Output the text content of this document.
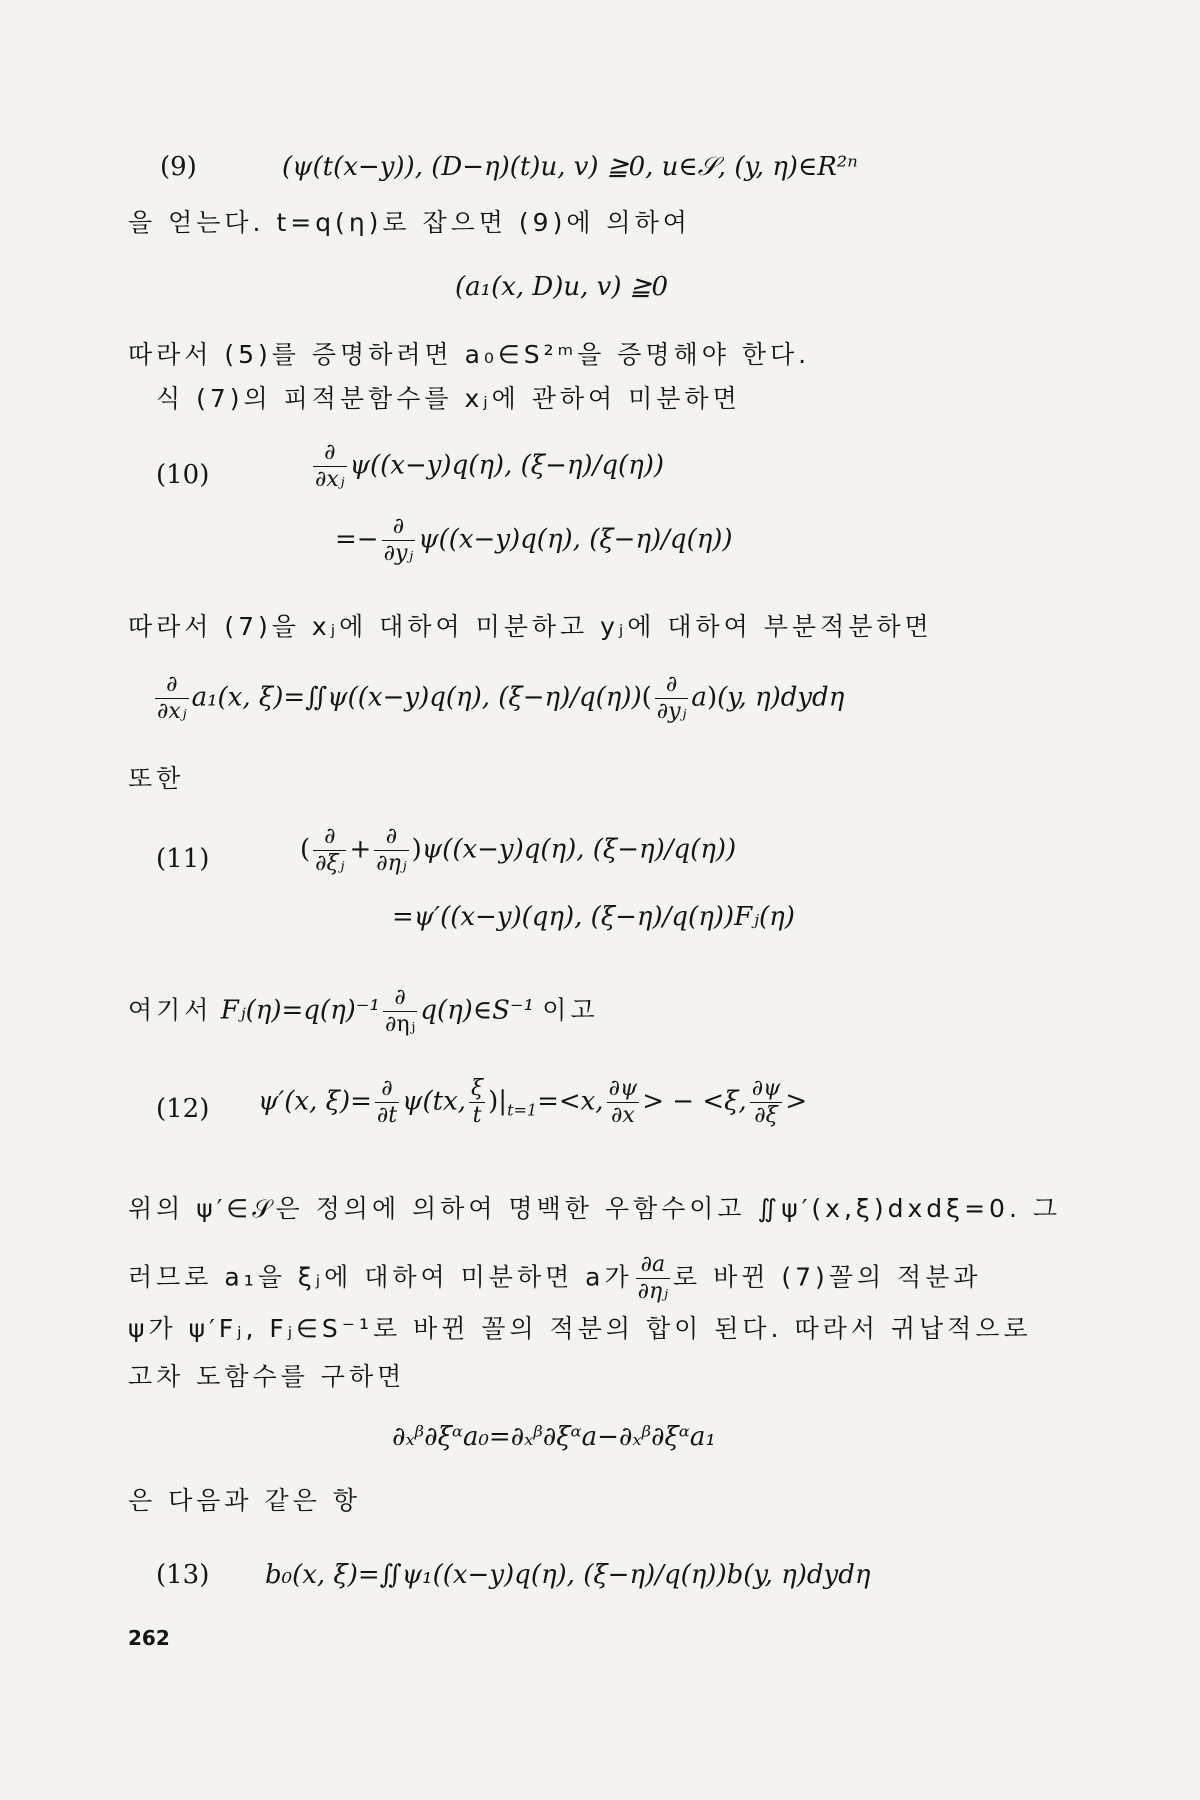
(9)	(ψ(t(x−y)), (D−η)(t)u, v) ≧0, u∈𝒮, (y, η)∈R²ⁿ
을 얻는다. t=q(η)로 잡으면 (9)에 의하여
(a₁(x, D)u, v) ≧0
따라서 (5)를 증명하려면 a₀∈S²ᵐ을 증명해야 한다.
식 (7)의 피적분함수를 xⱼ에 관하여 미분하면
(10)	$\frac{\partial}{\text{∂xⱼ}} \psi((x-y)q(\eta)$, (ξ−η)/q(η))
=− $\frac{\partial}{\text{∂yⱼ}} \psi((x-y)q(\eta)$, (ξ−η)/q(η))
따라서 (7)을 xⱼ에 대하여 미분하고 yⱼ에 대하여 부분적분하면
$\frac{\partial}{\text{∂xⱼ}} a_1(x$, ξ)=∬ψ((x−y)q(η), $(\xi-\eta)/q(\eta))( \frac{\partial}{\text{∂yⱼ}} a)(y$, η)dydη
또한
(11)	( $\frac{\partial}{\text{∂ξⱼ}} + \frac{\partial}{\text{∂ηⱼ}} )\psi((x-y)q(\eta)$, (ξ−η)/q(η))
=ψ′((x−y)(qη), (ξ−η)/q(η))Fⱼ(η)
여기서 Fⱼ(η)=q(η)⁻¹ $\frac{\partial}{\text{∂ηⱼ}}$ q(η)∈S⁻¹ 이고
(12) ψ′(x, $\xi)= \frac{\partial}{\partial t} \psi(tx$, $\frac{\xi}{t} )|_{t=1}=<x$, $\frac{\partial\psi}{\partial x}$ > − <ξ, $\frac{\partial\psi}{\partial\xi}$ >
위의 ψ′∈𝒮은 정의에 의하여 명백한 우함수이고 ∬ψ′(x,ξ)dxdξ=0. 그
러므로 a₁을 ξⱼ에 대하여 미분하면 a가 $\frac{\partial a}{\text{∂ηⱼ}}$ 로 바뀐 (7)꼴의 적분과
ψ가 ψ′Fⱼ, Fⱼ∈S⁻¹로 바뀐 꼴의 적분의 합이 된다. 따라서 귀납적으로
고차 도함수를 구하면
∂ₓᵝ∂ξᵅa₀=∂ₓᵝ∂ξᵅa−∂ₓᵝ∂ξᵅa₁
은 다음과 같은 항
(13) b₀(x, ξ)=∬ψ₁((x−y)q(η), (ξ−η)/q(η))b(y, η)dydη
262
